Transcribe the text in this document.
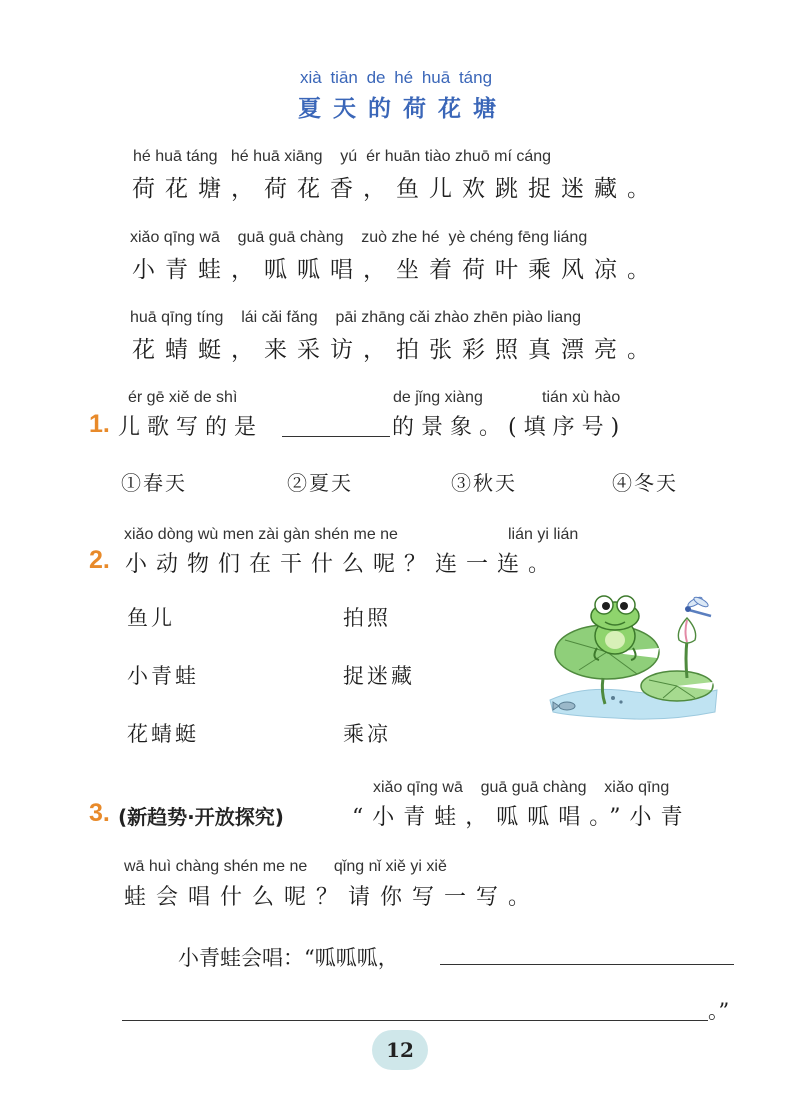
xià tiān de hé huā táng
夏天的荷花塘
hé huā táng   hé huā xiāng    yú  ér huān tiào zhuō mí cáng
荷花塘，荷花香，鱼儿欢跳捉迷藏。
xiǎo qīng wā    guā guā chàng    zuò zhe hé  yè chéng fēng liáng
小青蛙，呱呱唱，坐着荷叶乘风凉。
huā qīng tíng    lái cǎi fǎng    pāi zhāng cǎi zhào zhēn piào liang
花蜻蜓，来采访，拍张彩照真漂亮。
ér gē xiě de shì	de jǐng xiàng	tián xù hào
1. 儿歌写的是	的景象。(填序号)
①春天	②夏天	③秋天	④冬天
xiǎo dòng wù men zài gàn shén me ne	lián yi lián
2. 小动物们在干什么呢？连一连。
鱼儿
小青蛙
花蜻蜓
拍照
捉迷藏
乘凉
xiǎo qīng wā    guā guā chàng    xiǎo qīng
3. (新趋势·开放探究)	“小青蛙，呱呱唱。”小青
wā huì chàng shén me ne      qǐng nǐ xiě yi xiě
蛙会唱什么呢？请你写一写。
小青蛙会唱：“呱呱呱，
。”
12
